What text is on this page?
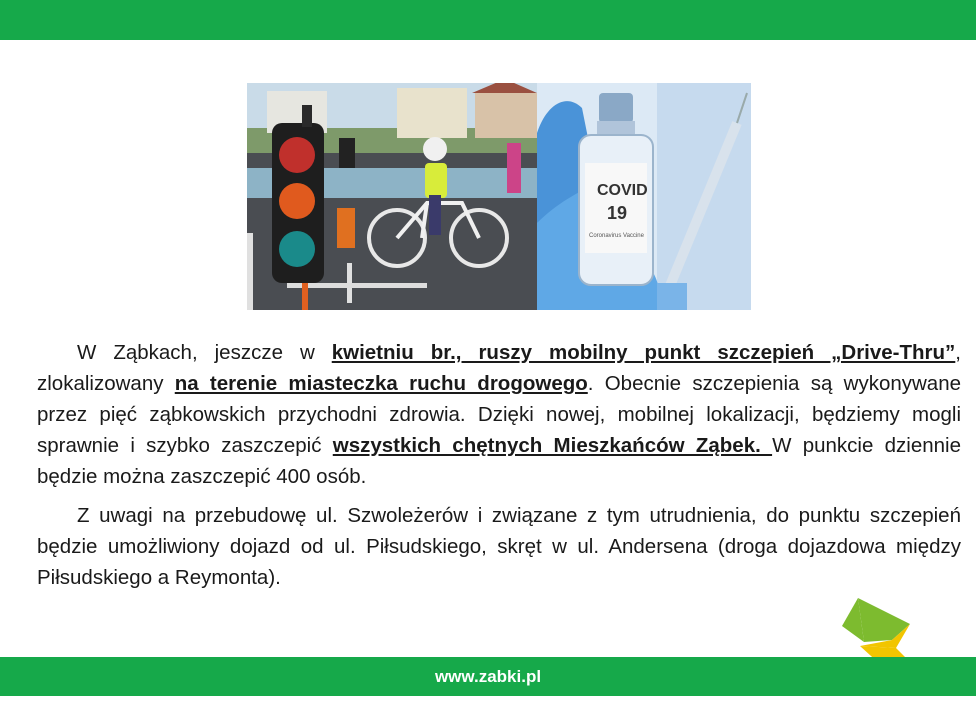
COVID
19
Coronavirus Vaccine

W Ząbkach, jeszcze w kwietniu br., ruszy mobilny punkt szczepień „Drive-Thru”, zlokalizowany na terenie miasteczka ruchu drogowego. Obecnie szczepienia są wykonywane przez pięć ząbkowskich przychodni zdrowia. Dzięki nowej, mobilnej lokalizacji, będziemy mogli sprawnie i szybko zaszczepić wszystkich chętnych Mieszkańców Ząbek. W punkcie dziennie będzie można zaszczepić 400 osób.

Z uwagi na przebudowę ul. Szwoleżerów i związane z tym utrudnienia, do punktu szczepień będzie umożliwiony dojazd od ul. Piłsudskiego, skręt w ul. Andersena (droga dojazdowa między Piłsudskiego a Reymonta).

www.zabki.pl
